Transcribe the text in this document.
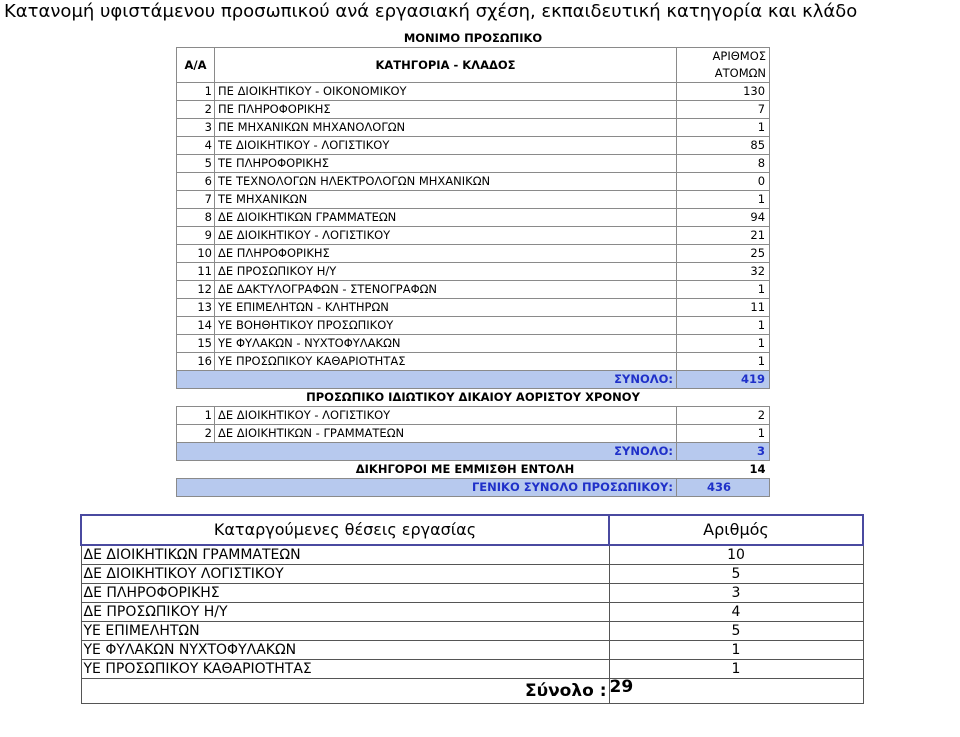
Κατανομή υφιστάμενου προσωπικού ανά εργασιακή σχέση, εκπαιδευτική κατηγορία και κλάδο
ΜΟΝΙΜΟ ΠΡΟΣΩΠΙΚΟ		
Α/Α	ΚΑΤΗΓΟΡΙΑ - ΚΛΑΔΟΣ	ΑΡΙΘΜΟΣ
ΑΤΟΜΩΝ

1	ΠΕ ΔΙΟΙΚΗΤΙΚΟΥ - ΟΙΚΟΝΟΜΙΚΟΥ	130
2	ΠΕ ΠΛΗΡΟΦΟΡΙΚΗΣ	7
3	ΠΕ ΜΗΧΑΝΙΚΩΝ ΜΗΧΑΝΟΛΟΓΩΝ	1
4	ΤΕ ΔΙΟΙΚΗΤΙΚΟΥ - ΛΟΓΙΣΤΙΚΟΥ	85
5	ΤΕ ΠΛΗΡΟΦΟΡΙΚΗΣ	8
6	ΤΕ ΤΕΧΝΟΛΟΓΩΝ ΗΛΕΚΤΡΟΛΟΓΩΝ ΜΗΧΑΝΙΚΩΝ	0
7	ΤΕ ΜΗΧΑΝΙΚΩΝ	1
8	ΔΕ ΔΙΟΙΚΗΤΙΚΩΝ ΓΡΑΜΜΑΤΕΩΝ	94
9	ΔΕ ΔΙΟΙΚΗΤΙΚΟΥ - ΛΟΓΙΣΤΙΚΟΥ	21
10	ΔΕ ΠΛΗΡΟΦΟΡΙΚΗΣ	25
11	ΔΕ ΠΡΟΣΩΠΙΚΟΥ Η/Υ	32
12	ΔΕ ΔΑΚΤΥΛΟΓΡΑΦΩΝ - ΣΤΕΝΟΓΡΑΦΩΝ	1
13	ΥΕ ΕΠΙΜΕΛΗΤΩΝ - ΚΛΗΤΗΡΩΝ	11
14	ΥΕ ΒΟΗΘΗΤΙΚΟΥ ΠΡΟΣΩΠΙΚΟΥ	1
15	ΥΕ ΦΥΛΑΚΩΝ - ΝΥΧΤΟΦΥΛΑΚΩΝ	1
16	ΥΕ ΠΡΟΣΩΠΙΚΟΥ ΚΑΘΑΡΙΟΤΗΤΑΣ	1
ΣΥΝΟΛΟ:		419
ΠΡΟΣΩΠΙΚΟ ΙΔΙΩΤΙΚΟΥ ΔΙΚΑΙΟΥ ΑΟΡΙΣΤΟΥ ΧΡΟΝΟΥ		
1	ΔΕ ΔΙΟΙΚΗΤΙΚΟΥ - ΛΟΓΙΣΤΙΚΟΥ	2
2	ΔΕ ΔΙΟΙΚΗΤΙΚΩΝ - ΓΡΑΜΜΑΤΕΩΝ	1
ΣΥΝΟΛΟ:		3
ΔΙΚΗΓΟΡΟΙ ΜΕ ΕΜΜΙΣΘΗ ΕΝΤΟΛΗ		14
ΓΕΝΙΚΟ ΣΥΝΟΛΟ ΠΡΟΣΩΠΙΚΟΥ:		436
Καταργούμενες θέσεις εργασίας	Αριθμός
ΔΕ ΔΙΟΙΚΗΤΙΚΩΝ ΓΡΑΜΜΑΤΕΩΝ	10
ΔΕ ΔΙΟΙΚΗΤΙΚΟΥ ΛΟΓΙΣΤΙΚΟΥ	5
ΔΕ ΠΛΗΡΟΦΟΡΙΚΗΣ	3
ΔΕ ΠΡΟΣΩΠΙΚΟΥ Η/Υ	4
ΥΕ ΕΠΙΜΕΛΗΤΩΝ	5
ΥΕ ΦΥΛΑΚΩΝ ΝΥΧΤΟΦΥΛΑΚΩΝ	1
ΥΕ ΠΡΟΣΩΠΙΚΟΥ ΚΑΘΑΡΙΟΤΗΤΑΣ	1
Σύνολο :	29
